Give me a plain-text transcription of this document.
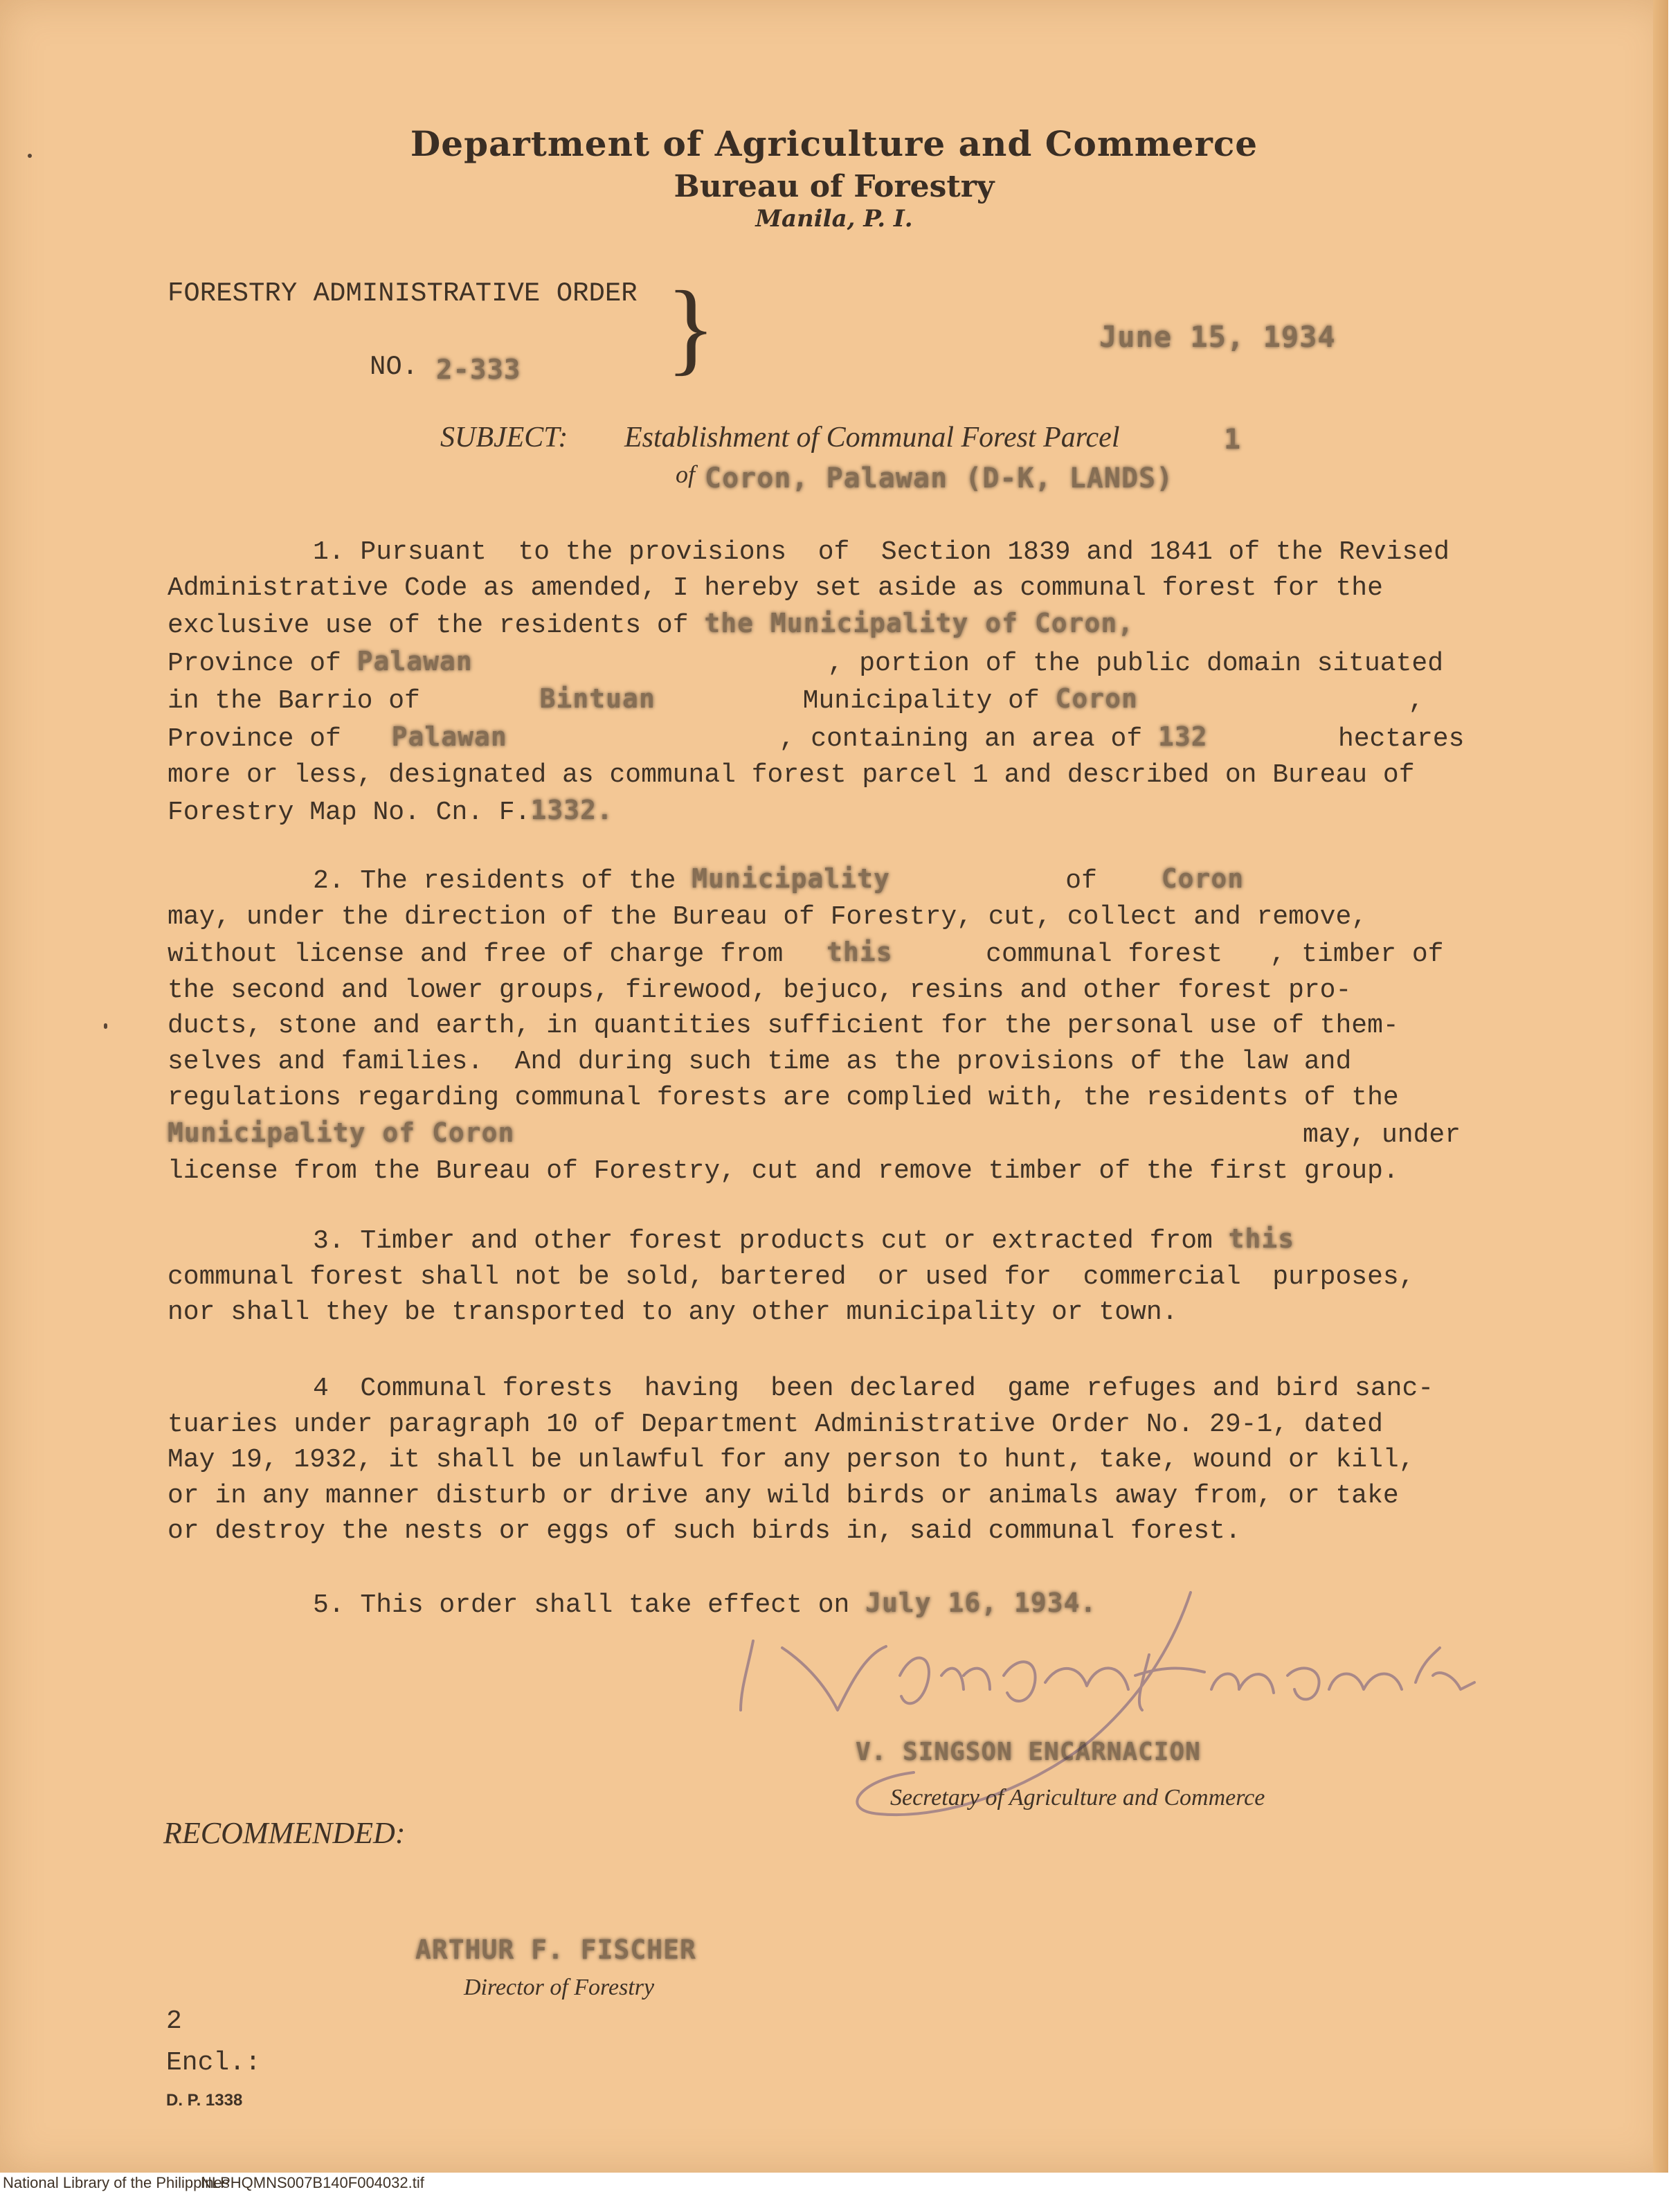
Department of Agriculture and Commerce
Bureau of Forestry
Manila, P. I.
FORESTRY ADMINISTRATIVE ORDER
NO. 2-333 }	June 15, 1934
SUBJECT: Establishment of Communal Forest Parcel	1
of Coron, Palawan (D-K, LANDS)
1. Pursuant  to the provisions  of  Section 1839 and 1841 of the Revised
Administrative Code as amended, I hereby set aside as communal forest for the
exclusive use of the residents of the Municipality of Coron,
Province of Palawan	, portion of the public domain situated
in the Barrio of	Bintuan	Municipality of Coron	,
Province of Palawan	, containing an area of 132	hectares
more or less, designated as communal forest parcel 1 and described on Bureau of
Forestry Map No. Cn. F.1332.
2. The residents of the Municipality	of Coron
may, under the direction of the Bureau of Forestry, cut, collect and remove,
without license and free of charge from this	communal forest   , timber of
the second and lower groups, firewood, bejuco, resins and other forest pro-
ducts, stone and earth, in quantities sufficient for the personal use of them-
selves and families.  And during such time as the provisions of the law and
regulations regarding communal forests are complied with, the residents of the
Municipality of Coron	may, under
license from the Bureau of Forestry, cut and remove timber of the first group.
3. Timber and other forest products cut or extracted from this
communal forest shall not be sold, bartered  or used for  commercial  purposes,
nor shall they be transported to any other municipality or town.
4  Communal forests  having  been declared  game refuges and bird sanc-
tuaries under paragraph 10 of Department Administrative Order No. 29-1, dated
May 19, 1932, it shall be unlawful for any person to hunt, take, wound or kill,
or in any manner disturb or drive any wild birds or animals away from, or take
or destroy the nests or eggs of such birds in, said communal forest.
5. This order shall take effect on July 16, 1934.
V. SINGSON ENCARNACION
Secretary of Agriculture and Commerce
RECOMMENDED:
ARTHUR F. FISCHER
Director of Forestry
2
Encl.:
D. P. 1338
National Library of the Philippines
NLPHQMNS007B140F004032.tif
